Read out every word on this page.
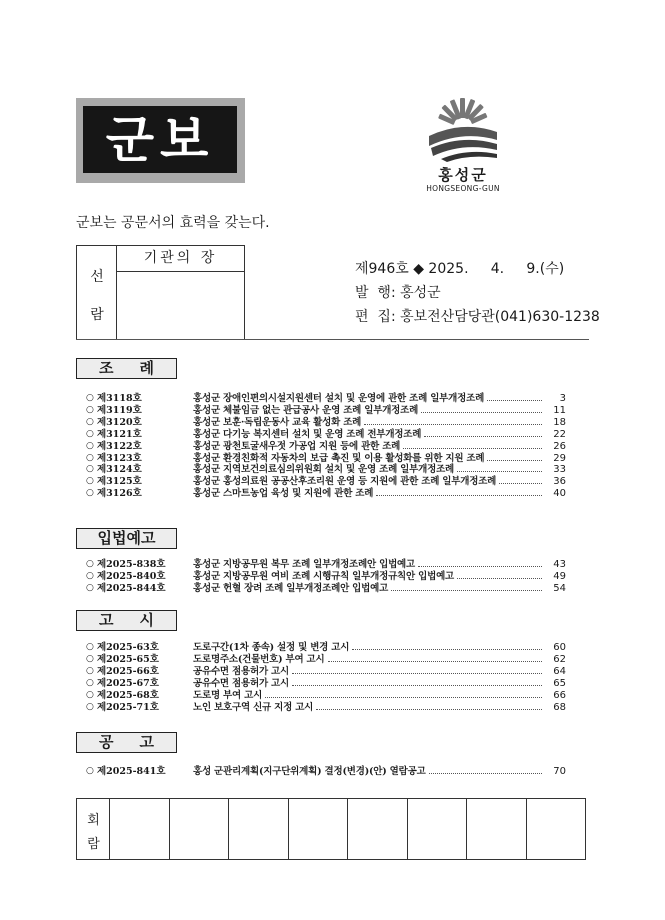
군보
홍성군
HONGSEONG-GUN
군보는 공문서의 효력을 갖는다.
선
람
기관의 장
제946호 ◆ 2025.     4.     9.(수)
발  행: 홍성군
편  집: 홍보전산담당관(041)630-1238
조     례
○ 제3118호	홍성군 장애인편의시설지원센터 설치 및 운영에 관한 조례 일부개정조례	3
○ 제3119호	홍성군 체불임금 없는 관급공사 운영 조례 일부개정조례	11
○ 제3120호	홍성군 보훈·독립운동사 교육 활성화 조례	18
○ 제3121호	홍성군 다기능 복지센터 설치 및 운영 조례 전부개정조례	22
○ 제3122호	홍성군 광천토굴새우젓 가공업 지원 등에 관한 조례	26
○ 제3123호	홍성군 환경친화적 자동차의 보급 촉진 및 이용 활성화를 위한 지원 조례	29
○ 제3124호	홍성군 지역보건의료심의위원회 설치 및 운영 조례 일부개정조례	33
○ 제3125호	홍성군 홍성의료원 공공산후조리원 운영 등 지원에 관한 조례 일부개정조례	36
○ 제3126호	홍성군 스마트농업 육성 및 지원에 관한 조례	40
입법예고
○ 제2025-838호	홍성군 지방공무원 복무 조례 일부개정조례안 입법예고	43
○ 제2025-840호	홍성군 지방공무원 여비 조례 시행규칙 일부개정규칙안 입법예고	49
○ 제2025-844호	홍성군 헌혈 장려 조례 일부개정조례안 입법예고	54
고     시
○ 제2025-63호	도로구간(1차 종속) 설정 및 변경 고시	60
○ 제2025-65호	도로명주소(건물번호) 부여 고시	62
○ 제2025-66호	공유수면 점용허가 고시	64
○ 제2025-67호	공유수면 점용허가 고시	65
○ 제2025-68호	도로명 부여 고시	66
○ 제2025-71호	노인 보호구역 신규 지정 고시	68
공     고
○ 제2025-841호	홍성 군관리계획(지구단위계획) 결정(변경)(안) 열람공고	70
회
람
